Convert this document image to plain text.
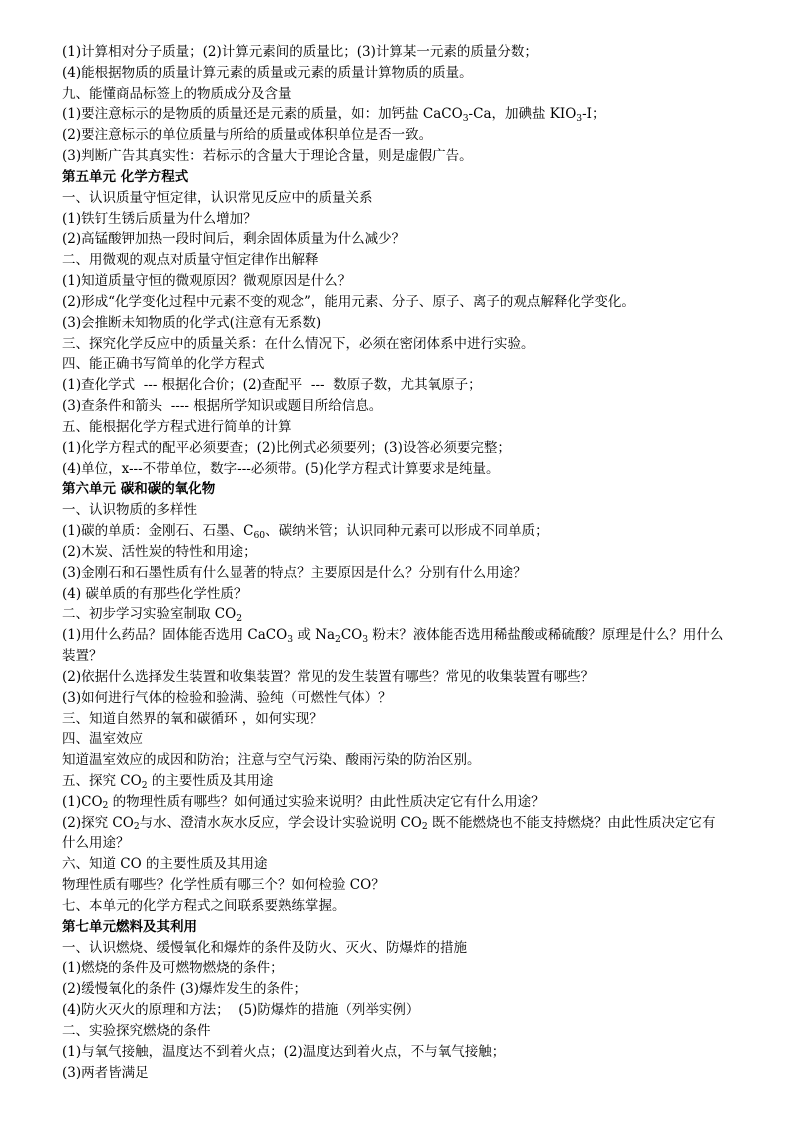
(1)计算相对分子质量；(2)计算元素间的质量比；(3)计算某一元素的质量分数；
(4)能根据物质的质量计算元素的质量或元素的质量计算物质的质量。
九、能懂商品标签上的物质成分及含量
(1)要注意标示的是物质的质量还是元素的质量，如：加钙盐 CaCO$_3$-Ca，加碘盐 $KIO_3-I$；
(2)要注意标示的单位质量与所给的质量或体积单位是否一致。
(3)判断广告其真实性：若标示的含量大于理论含量，则是虚假广告。
第五单元 化学方程式
一、认识质量守恒定律，认识常见反应中的质量关系
(1)铁钉生锈后质量为什么增加？
(2)高锰酸钾加热一段时间后，剩余固体质量为什么减少？
二、用微观的观点对质量守恒定律作出解释
(1)知道质量守恒的微观原因？微观原因是什么？
(2)形成“化学变化过程中元素不变的观念”，能用元素、分子、原子、离子的观点解释化学变化。
(3)会推断未知物质的化学式(注意有无系数)
三、探究化学反应中的质量关系：在什么情况下，必须在密闭体系中进行实验。
四、能正确书写简单的化学方程式
(1)查化学式  --- 根据化合价；(2)查配平  ---  数原子数，尤其氧原子；
(3)查条件和箭头  ---- 根据所学知识或题目所给信息。
五、能根据化学方程式进行简单的计算
(1)化学方程式的配平必须要查；(2)比例式必须要列；(3)设答必须要完整；
(4)单位，x---不带单位，数字---必须带。(5)化学方程式计算要求是纯量。
第六单元 碳和碳的氧化物
一、认识物质的多样性
(1)碳的单质：金刚石、石墨、$C_{60}$、碳纳米管；认识同种元素可以形成不同单质；
(2)木炭、活性炭的特性和用途；
(3)金刚石和石墨性质有什么显著的特点？主要原因是什么？分别有什么用途？
(4) 碳单质的有那些化学性质？
二、初步学习实验室制取 $CO_2$
(1)用什么药品？固体能否选用 CaCO$_3$ 或 $Na_2CO_3$ 粉末？液体能否选用稀盐酸或稀硫酸？原理是什么？用什么
装置？
(2)依据什么选择发生装置和收集装置？常见的发生装置有哪些？常见的收集装置有哪些？
(3)如何进行气体的检验和验满、验纯（可燃性气体）？
三、知道自然界的氧和碳循环 ，如何实现？
四、温室效应
知道温室效应的成因和防治；注意与空气污染、酸雨污染的防治区别。
五、探究 $CO_2$ 的主要性质及其用途
$(1)CO_2$ 的物理性质有哪些？如何通过实验来说明？由此性质决定它有什么用途？
(2)探究 $CO_2$与水、澄清水灰水反应，学会设计实验说明 $CO_2$ 既不能燃烧也不能支持燃烧？由此性质决定它有
什么用途？
六、知道 CO 的主要性质及其用途
物理性质有哪些？化学性质有哪三个？如何检验 CO？
七、本单元的化学方程式之间联系要熟练掌握。
第七单元燃料及其利用
一、认识燃烧、缓慢氧化和爆炸的条件及防火、灭火、防爆炸的措施
(1)燃烧的条件及可燃物燃烧的条件；
(2)缓慢氧化的条件 (3)爆炸发生的条件；
(4)防火灭火的原理和方法；  (5)防爆炸的措施（列举实例）
二、实验探究燃烧的条件
(1)与氧气接触，温度达不到着火点；(2)温度达到着火点，不与氧气接触；
(3)两者皆满足
